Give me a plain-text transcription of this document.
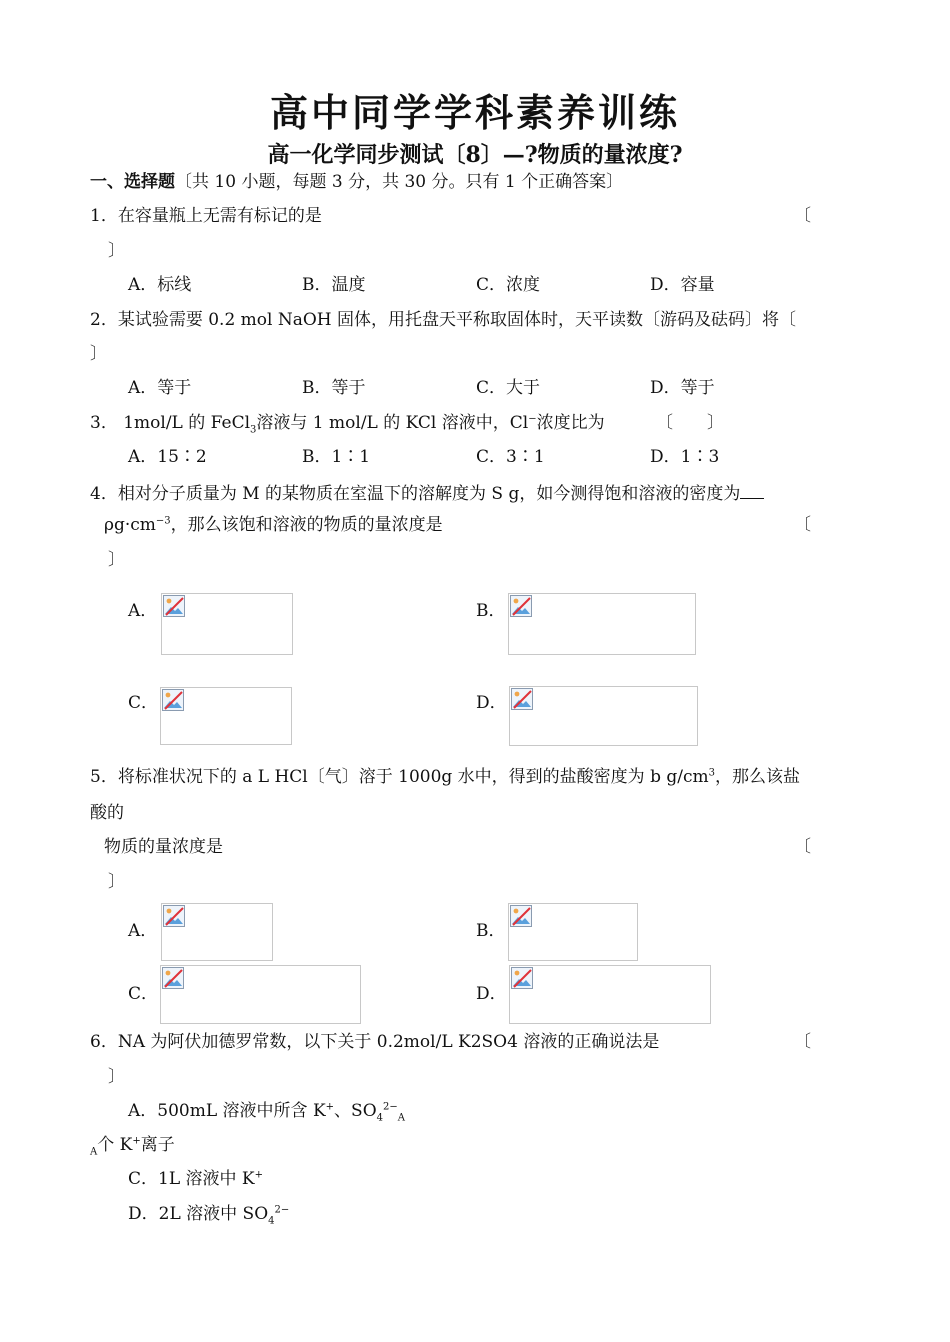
高中同学学科素养训练
高一化学同步测试〔8〕—?物质的量浓度?
一、选择题〔共 10 小题，每题 3 分，共 30 分。只有 1 个正确答案〕
1．在容量瓶上无需有标记的是	〔
〕
A．标线	B．温度	C．浓度	D．容量
2．某试验需要 0.2 mol NaOH 固体，用托盘天平称取固体时，天平读数〔游码及砝码〕将〔
〕
A．等于	B．等于	C．大于	D．等于
3． 1mol/L 的 FeCl$_3$溶液与 1 mol/L 的 KCl 溶液中，Cl−浓度比为	〔　　〕
A．15∶2	B．1∶1	C．3∶1	D．1∶3
4．相对分子质量为 M 的某物质在室温下的溶解度为 S g，如今测得饱和溶液的密度为
$\rho g\cdot cm^{-3}$，那么该饱和溶液的物质的量浓度是	〔
〕
A．	B．
C．	D．
5．将标准状况下的 a L HCl〔气〕溶于 1000g 水中，得到的盐酸密度为 b $g/cm^3$，那么该盐
酸的
物质的量浓度是	〔
〕
A．	B．
C．	D．
6．NA 为阿伏加德罗常数，以下关于 0.2mol/L K2SO4 溶液的正确说法是	〔
〕
A．500mL 溶液中所含 K+、$SO_4^{2-}_A$
$_A$个 K+离子
C．1L 溶液中 K+
D．2L 溶液中 $SO_4^{2-}$
